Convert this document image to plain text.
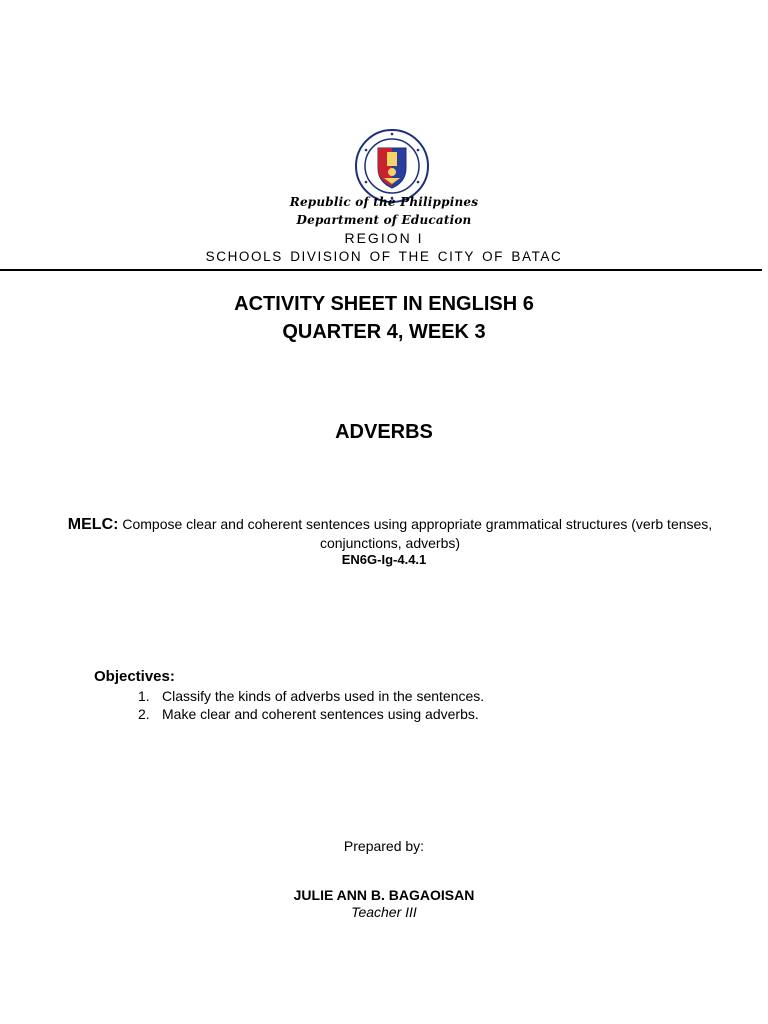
Republic of the Philippines
Department of Education
REGION I
SCHOOLS DIVISION OF THE CITY OF BATAC
ACTIVITY SHEET IN ENGLISH 6
QUARTER 4, WEEK 3
ADVERBS
MELC: Compose clear and coherent sentences using appropriate grammatical structures (verb tenses, conjunctions, adverbs)
EN6G-Ig-4.4.1
Objectives:
1. Classify the kinds of adverbs used in the sentences.
2. Make clear and coherent sentences using adverbs.
Prepared by:
JULIE ANN B. BAGAOISAN
Teacher III
